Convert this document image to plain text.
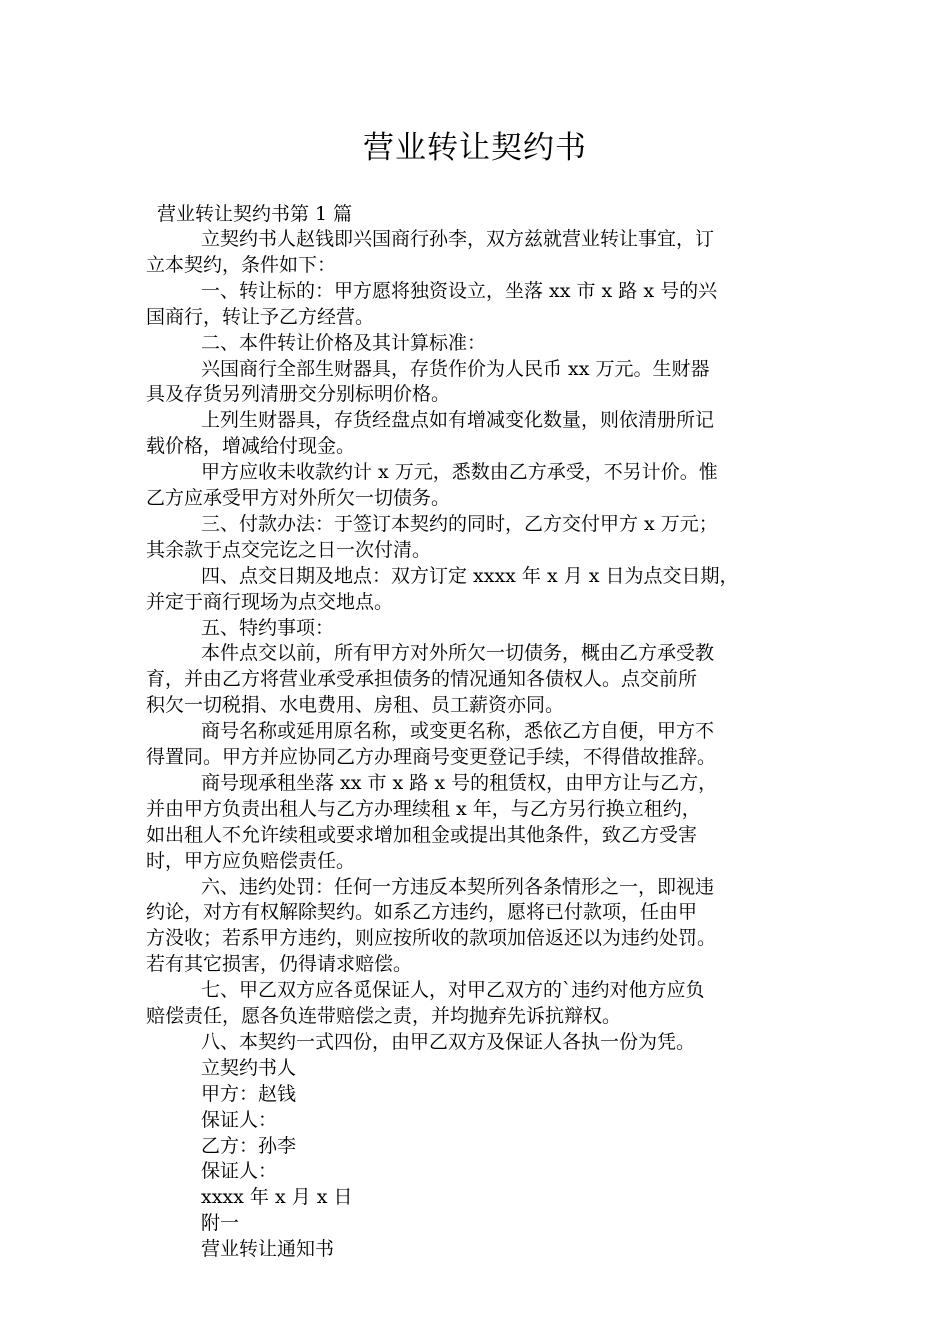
营业转让契约书
营业转让契约书第 1 篇
立契约书人赵钱即兴国商行孙李，双方兹就营业转让事宜，订
立本契约，条件如下：
一、转让标的：甲方愿将独资设立，坐落 xx 市 x 路 x 号的兴
国商行，转让予乙方经营。
二、本件转让价格及其计算标准：
兴国商行全部生财器具，存货作价为人民币 xx 万元。生财器
具及存货另列清册交分别标明价格。
上列生财器具，存货经盘点如有增减变化数量，则依清册所记
载价格，增减给付现金。
甲方应收未收款约计 x 万元，悉数由乙方承受，不另计价。惟
乙方应承受甲方对外所欠一切债务。
三、付款办法：于签订本契约的同时，乙方交付甲方 x 万元；
其余款于点交完讫之日一次付清。
四、点交日期及地点：双方订定 xxxx 年 x 月 x 日为点交日期，
并定于商行现场为点交地点。
五、特约事项：
本件点交以前，所有甲方对外所欠一切债务，概由乙方承受教
育，并由乙方将营业承受承担债务的情况通知各债权人。点交前所
积欠一切税捐、水电费用、房租、员工薪资亦同。
商号名称或延用原名称，或变更名称，悉依乙方自便，甲方不
得置同。甲方并应协同乙方办理商号变更登记手续，不得借故推辞。
商号现承租坐落 xx 市 x 路 x 号的租赁权，由甲方让与乙方，
并由甲方负责出租人与乙方办理续租 x 年，与乙方另行换立租约，
如出租人不允许续租或要求增加租金或提出其他条件，致乙方受害
时，甲方应负赔偿责任。
六、违约处罚：任何一方违反本契所列各条情形之一，即视违
约论，对方有权解除契约。如系乙方违约，愿将已付款项，任由甲
方没收；若系甲方违约，则应按所收的款项加倍返还以为违约处罚。
若有其它损害，仍得请求赔偿。
七、甲乙双方应各觅保证人，对甲乙双方的`违约对他方应负
赔偿责任，愿各负连带赔偿之责，并均抛弃先诉抗辩权。
八、本契约一式四份，由甲乙双方及保证人各执一份为凭。
立契约书人
甲方：赵钱
保证人：
乙方：孙李
保证人：
xxxx 年 x 月 x 日
附一
营业转让通知书
